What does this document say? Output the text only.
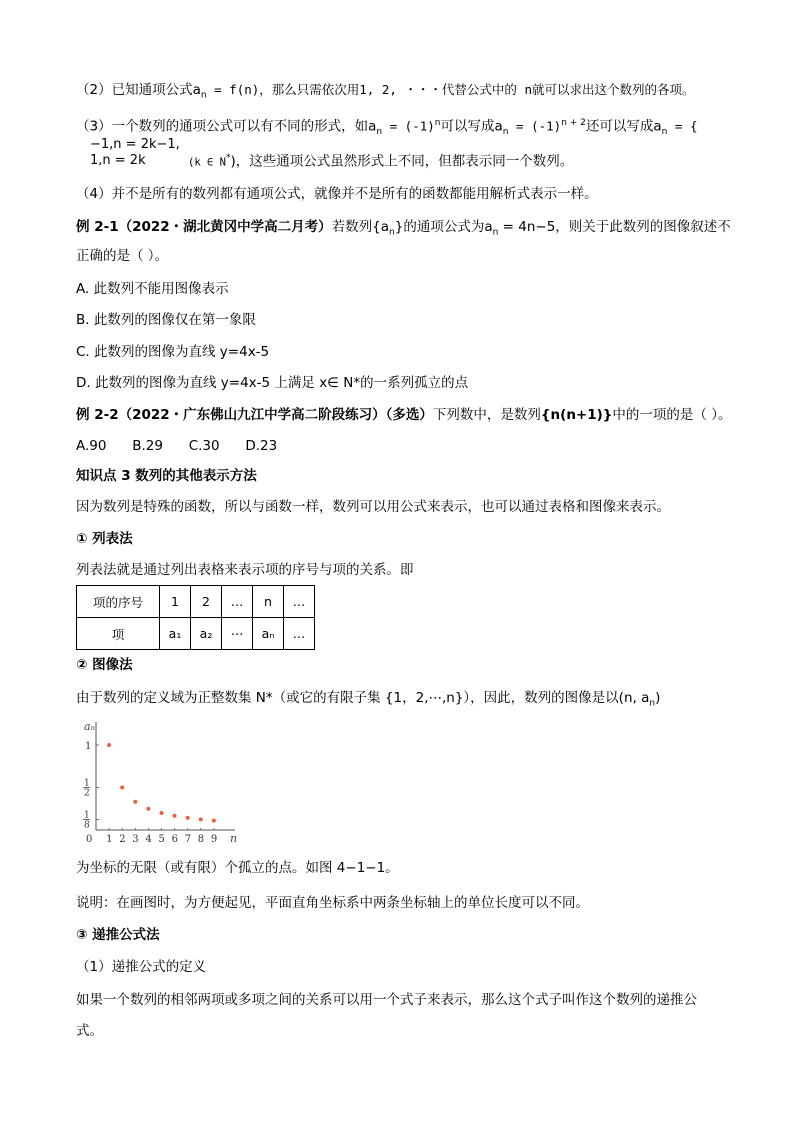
（2）已知通项公式$a_n = f(n)$，那么只需依次用1, 2, ・・・代替公式中的 n就可以求出这个数列的各项。
（3）一个数列的通项公式可以有不同的形式，如$a_n = (-1)^n$可以写成$a_n = (-1)^{n + 2}$还可以写成$a_n$ = {
−1,n = 2k−1,
1,n = 2k	(k ∈ N*)，这些通项公式虽然形式上不同，但都表示同一个数列。
（4）并不是所有的数列都有通项公式，就像并不是所有的函数都能用解析式表示一样。
例 2-1（2022・湖北黄冈中学高二月考）若数列$\{a_n\}$的通项公式为$a_n = 4n-5$，则关于此数列的图像叙述不
正确的是（ ）。
A. 此数列不能用图像表示
B. 此数列的图像仅在第一象限
C. 此数列的图像为直线 y=4x-5
D. 此数列的图像为直线 y=4x-5 上满足 x∈ N*的一系列孤立的点
例 2-2（2022・广东佛山九江中学高二阶段练习）（多选）下列数中，是数列{n(n+1)}中的一项的是（ ）。
A.90      B.29      C.30      D.23
知识点 3 数列的其他表示方法
因为数列是特殊的函数，所以与函数一样，数列可以用公式来表示，也可以通过表格和图像来表示。
① 列表法
列表法就是通过列出表格来表示项的序号与项的关系。即
项的序号	1	2	…	n	…
项	a₁	a₂	⋯	aₙ	…
② 图像法
由于数列的定义域为正整数集 N*（或它的有限子集 {1，2,⋯,n}），因此，数列的图像是以(n, $a_n$)
aₙ
n
0 1 2 3 4 5 6 7 8 9
1
1
2
1
8
为坐标的无限（或有限）个孤立的点。如图 4−1−1。
说明：在画图时，为方便起见，平面直角坐标系中两条坐标轴上的单位长度可以不同。
③ 递推公式法
（1）递推公式的定义
如果一个数列的相邻两项或多项之间的关系可以用一个式子来表示，那么这个式子叫作这个数列的递推公
式。
